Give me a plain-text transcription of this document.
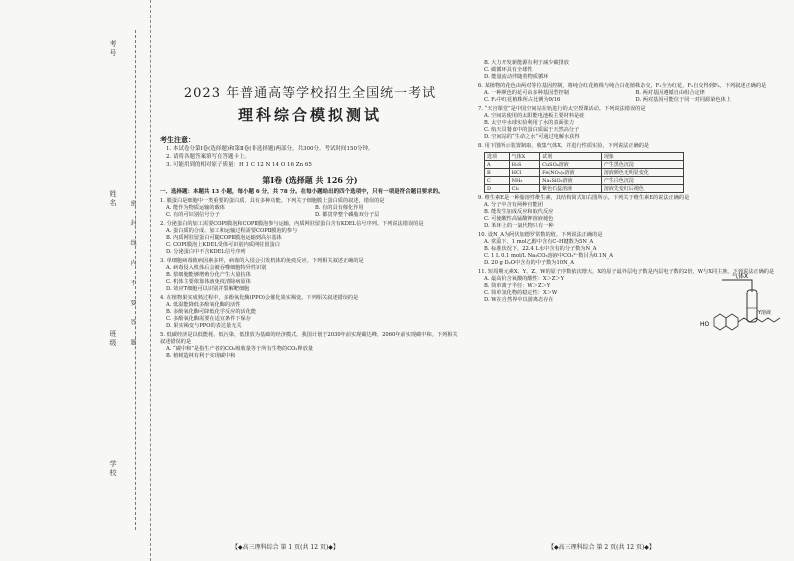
考号
姓名
班级
学校
密 封 线 内 不 要 答 题
2023 年普通高等学校招生全国统一考试
理科综合模拟测试
考生注意：
1. 本试卷分第Ⅰ卷(选择题)和第Ⅱ卷(非选择题)两部分，共300分。考试时间150分钟。
2. 请将各题答案填写在答题卡上。
3. 可能用到的相对原子质量：H 1 C 12 N 14 O 16 Zn 65
第Ⅰ卷 (选择题 共 126 分)
一、选择题：本题共 13 小题，每小题 6 分，共 78 分。在每小题给出的四个选项中，只有一项是符合题目要求的。
1. 膜蛋白是细胞中一类重要的蛋白质，具有多种功能。下列关于细胞膜上蛋白质的叙述，错误的是
A. 能作为物质运输的载体	B. 有的具有催化作用
C. 有的可识别信号分子	D. 都贯穿整个磷脂双分子层
2. 分泌蛋白的加工需要COPⅠ膜泡和COPⅡ膜泡参与运输，内质网驻留蛋白含有KDEL信号序列。下列说法错误的是
A. 蛋白质的合成、加工和运输过程需要COPⅡ膜泡的参与
B. 内质网驻留蛋白可随COPⅡ膜泡运输到高尔基体
C. COPⅠ膜泡上KDEL受体可识别内质网驻留蛋白
D. 分泌蛋白中不含KDEL信号序列
3. 单细胞病毒致病因素多样，病毒的入侵会引发机体的免疫反应。下列相关叙述正确的是
A. 病毒侵入机体后会被吞噬细胞特异性识别
B. 浆细胞能够增殖分化产生大量抗体
C. 机体主要依靠体液免疫清除病原体
D. 效应T细胞可以识别并裂解靶细胞
4. 在植物果实成熟过程中，多酚氧化酶(PPO)会催化果实褐变。下列相关叙述错误的是
A. 低温能降低多酚氧化酶的活性
B. 多酚氧化酶可降低化学反应的活化能
C. 多酚氧化酶需要在适宜条件下保存
D. 果实褐变与PPO的表达量无关
5. 低碳经济是以低能耗、低污染、低排放为基础的经济模式。我国计划于2030年前实现碳达峰，2060年前实现碳中和。下列相关叙述错误的是
A. “碳中和”是指生产者的CO₂吸收量等于所有生物的CO₂释放量
B. 植树造林有利于实现碳中和
【◆高三理科综合 第 1 页(共 12 页)◆】
B. 大力开发新能源有利于减少碳排放
C. 碳循环具有全球性
D. 能量流动伴随着物质循环
6. 某植物的花色由两对等位基因控制，将纯合红花植株与纯合白花植株杂交，F₁全为红花，F₁自交得到F₂。下列叙述正确的是
A. 一种颜色的花可由多种基因型控制	B. 两对基因遵循自由组合定律
C. F₂中红花植株所占比例为9/16	D. 两对基因可能位于同一对同源染色体上
7. “天宫课堂”是中国空间站在轨进行的太空授课活动。下列说法错误的是
A. 空间站使用的太阳能电池板主要材料是硅
B. 太空中水球实验利用了水的表面张力
C. 航天员餐食中的蛋白质属于天然高分子
D. 空间站的“生命之水”可通过电解水获得
8. 用下图所示装置制取、收集气体X，并进行性质实验，下列说法正确的是
选项	气体X	试剂	现象
A	H₂S	CuSO₄溶液	产生黑色沉淀
B	HCl	Fe(NO₃)₂溶液	溶液颜色无明显变化
C	NH₃	Na₂SiO₃溶液	产生白色沉淀
D	Cl₂	紫色石蕊溶液	溶液先变红后褪色
9. 维生素E是一种脂溶性维生素，其结构简式如右图所示。下列关于维生素E的说法正确的是
A. 分子中含有两种官能团
B. 能发生加成反应和取代反应
C. 可使酸性高锰酸钾溶液褪色
D. 苯环上的一氯代物只有一种
10. 设N_A为阿伏加德罗常数的值。下列说法正确的是
A. 常温下，1 mol乙醇中含有C–H键数为5N_A
B. 标准状况下，22.4 L水中含有的分子数为N_A
C. 1 L 0.1 mol/L Na₂CO₃溶液中CO₃²⁻数目为0.1N_A
D. 20 g D₂O中含有的中子数为10N_A
11. 短周期元素X、Y、Z、W的原子序数依次增大，X的原子最外层电子数是内层电子数的2倍，W与X同主族。下列说法正确的是
A. 最高价含氧酸的酸性：X＞Z＞Y
B. 简单离子半径：W＞Z＞Y
C. 简单氢化物的稳定性：X＞W
D. W在自然界中以游离态存在
气体X
Y溶液
HO
【◆高三理科综合 第 2 页(共 12 页)◆】
